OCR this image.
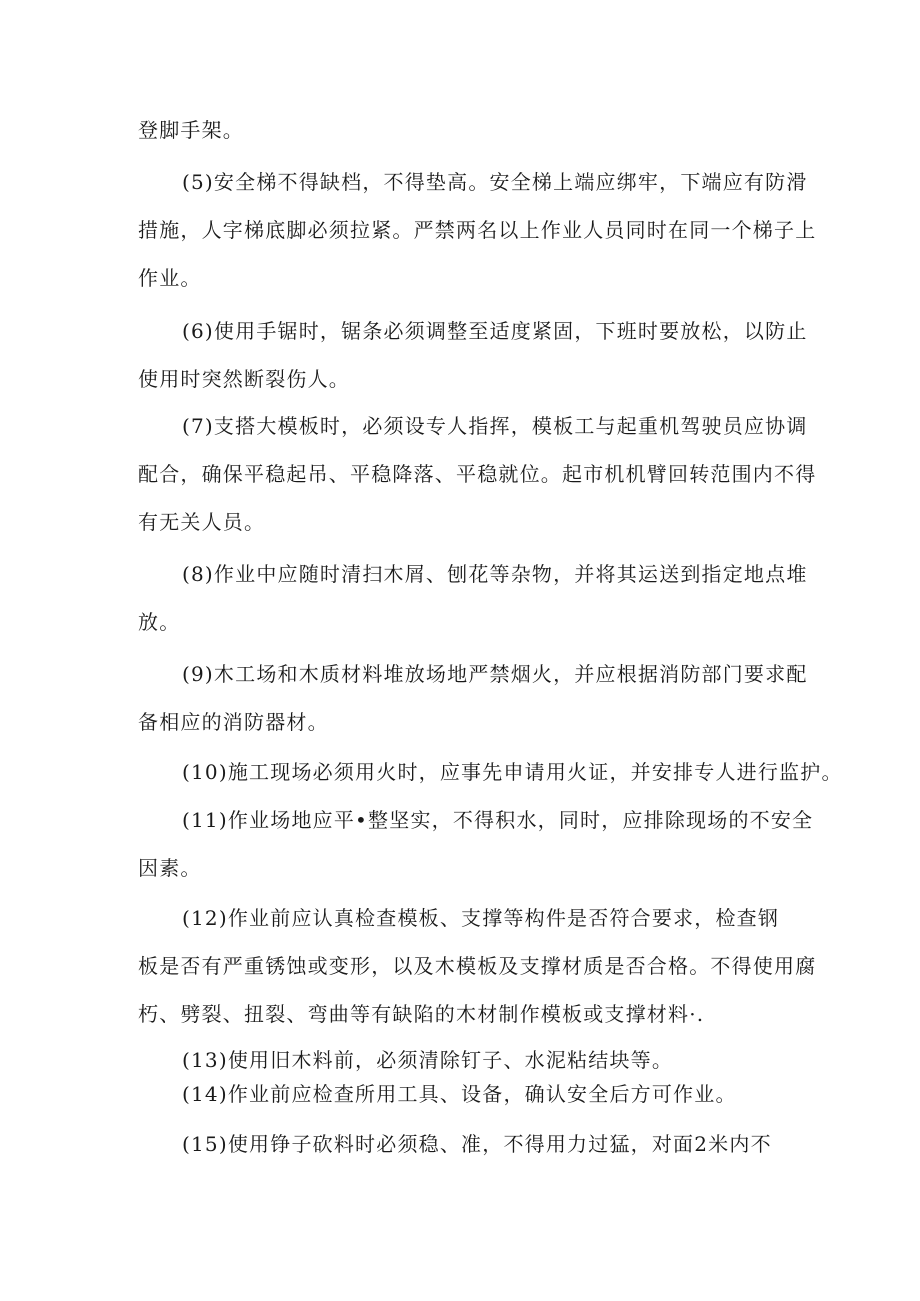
登脚手架。

(5)安全梯不得缺档，不得垫高。安全梯上端应绑牢，下端应有防滑

措施，人字梯底脚必须拉紧。严禁两名以上作业人员同时在同一个梯子上

作业。

(6)使用手锯时，锯条必须调整至适度紧固，下班时要放松，以防止

使用时突然断裂伤人。

(7)支搭大模板时，必须设专人指挥，模板工与起重机驾驶员应协调

配合，确保平稳起吊、平稳降落、平稳就位。起市机机臂回转范围内不得

有无关人员。

(8)作业中应随时清扫木屑、刨花等杂物，并将其运送到指定地点堆

放。

(9)木工场和木质材料堆放场地严禁烟火，并应根据消防部门要求配

备相应的消防器材。

(10)施工现场必须用火时，应事先申请用火证，并安排专人进行监护。

(11)作业场地应平•整坚实，不得积水，同时，应排除现场的不安全

因素。

(12)作业前应认真检查模板、支撑等构件是否符合要求，检查钢

板是否有严重锈蚀或变形，以及木模板及支撑材质是否合格。不得使用腐

朽、劈裂、扭裂、弯曲等有缺陷的木材制作模板或支撑材料·.

(13)使用旧木料前，必须清除钉子、水泥粘结块等。

(14)作业前应检查所用工具、设备，确认安全后方可作业。

(15)使用铮子砍料时必须稳、准，不得用力过猛，对面2米内不
